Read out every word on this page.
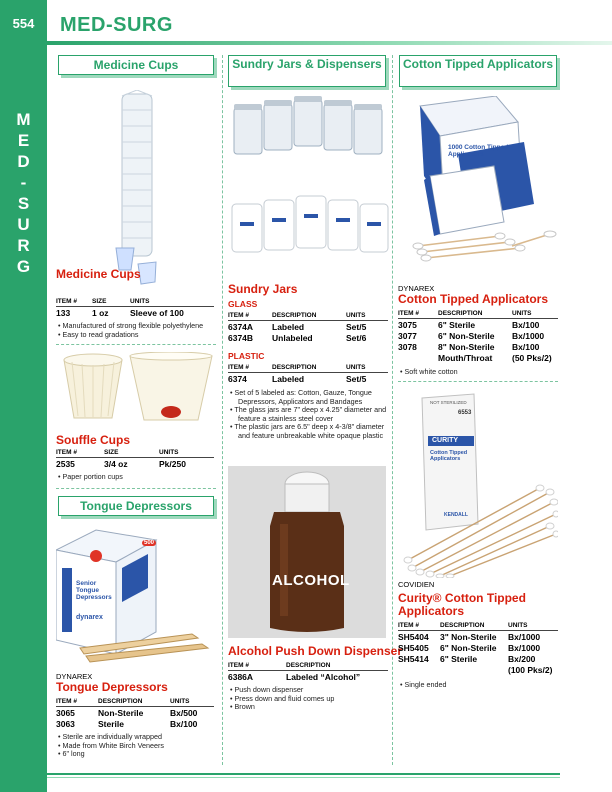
554
M
E
D
-
S
U
R
G
MED-SURG
Medicine Cups
Medicine Cups
ITEM #	SIZE	UNITS
133	1 oz	Sleeve of 100
• Manufactured of strong flexible polyethylene
• Easy to read gradations
Souffle Cups
ITEM #	SIZE	UNITS
2535	3/4 oz	Pk/250
• Paper portion cups
Tongue Depressors
500
Senior Tongue Depressors
dynarex
DYNAREX
Tongue Depressors
ITEM #	DESCRIPTION	UNITS
3065	Non-Sterile	Bx/500
3063	Sterile	Bx/100
• Sterile are individually wrapped
• Made from White Birch Veneers
• 6" long
Sundry Jars & Dispensers
Sundry Jars
GLASS
ITEM #	DESCRIPTION	UNITS
6374A	Labeled	Set/5
6374B	Unlabeled	Set/6
PLASTIC
ITEM #	DESCRIPTION	UNITS
6374	Labeled	Set/5
• Set of 5 labeled as: Cotton, Gauze, Tongue Depressors, Applicators and Bandages
• The glass jars are 7" deep x 4.25" diameter and feature a stainless steel cover
• The plastic jars are 6.5" deep x 4-3/8" diameter and feature unbreakable white opaque plastic
ALCOHOL
Alcohol Push Down Dispenser
ITEM #	DESCRIPTION
6386A	Labeled “Alcohol”
• Push down dispenser
• Press down and fluid comes up
• Brown
Cotton Tipped Applicators
1000 Cotton Tipped Applicators
dynarex
DYNAREX
Cotton Tipped Applicators
ITEM #	DESCRIPTION	UNITS
3075	6" Sterile	Bx/100
3077	6" Non-Sterile	Bx/1000
3078	8" Non-Sterile	Bx/100
	Mouth/Throat	(50 Pks/2)
• Soft white cotton
NOT STERILIZED
6553
CURITY
Cotton Tipped Applicators
KENDALL
COVIDIEN
Curity® Cotton Tipped Applicators
ITEM #	DESCRIPTION	UNITS
SH5404	3" Non-Sterile	Bx/1000
SH5405	6" Non-Sterile	Bx/1000
SH5414	6" Sterile	Bx/200
		(100 Pks/2)
• Single ended
